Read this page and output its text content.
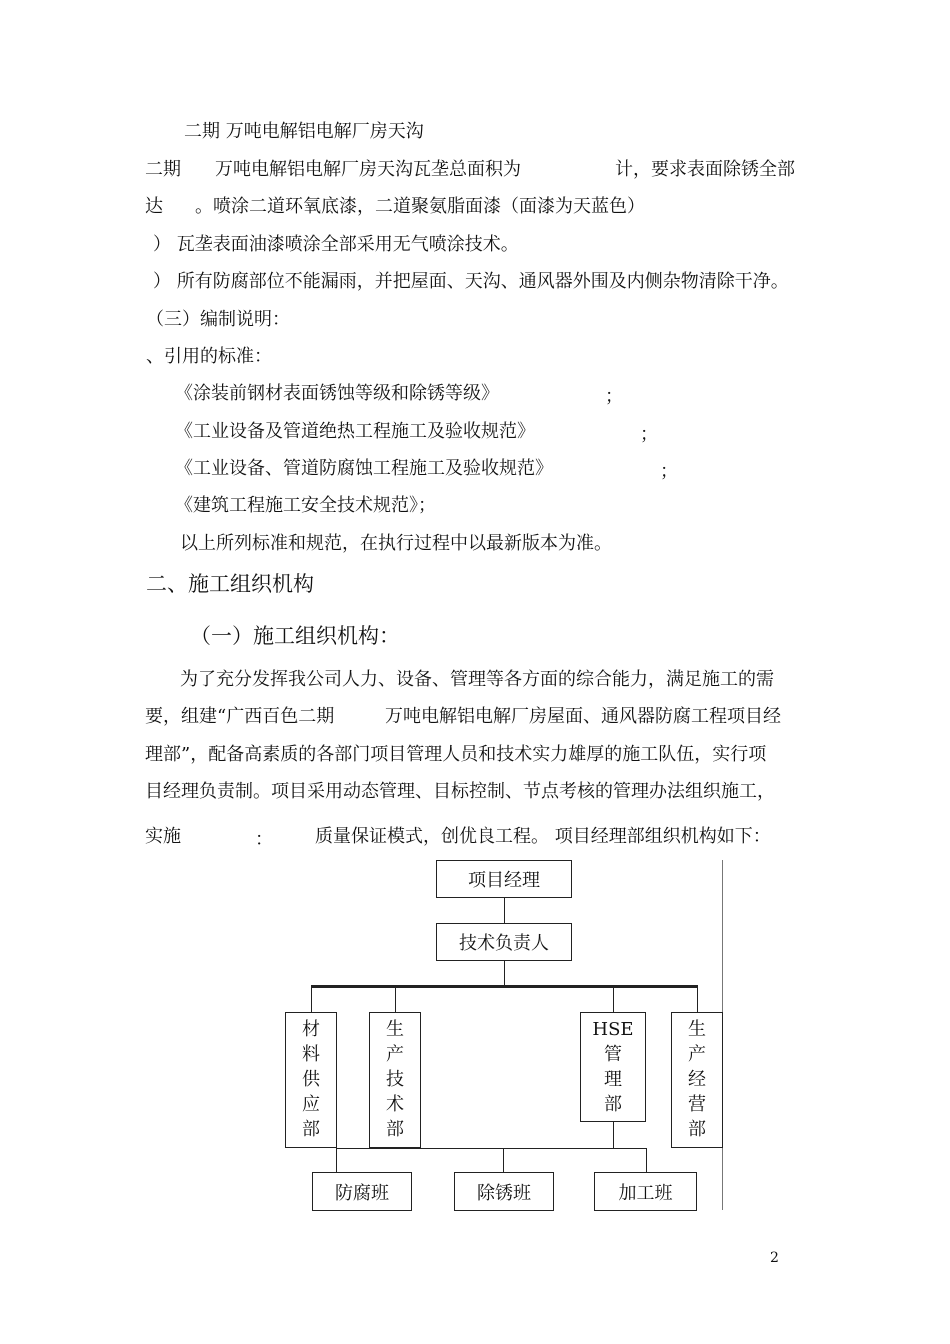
二期 万吨电解铝电解厂房天沟
二期 万吨电解铝电解厂房天沟瓦垄总面积为	计，要求表面除锈全部
达 。喷涂二道环氧底漆，二道聚氨脂面漆（面漆为天蓝色）
） 瓦垄表面油漆喷涂全部采用无气喷涂技术。
） 所有防腐部位不能漏雨，并把屋面、天沟、通风器外围及内侧杂物清除干净。
（三）编制说明：
、引用的标准：
《涂装前钢材表面锈蚀等级和除锈等级》	；
《工业设备及管道绝热工程施工及验收规范》	；
《工业设备、管道防腐蚀工程施工及验收规范》	；
《建筑工程施工安全技术规范》；
以上所列标准和规范，在执行过程中以最新版本为准。
二、施工组织机构
（一）施工组织机构：
为了充分发挥我公司人力、设备、管理等各方面的综合能力，满足施工的需
要，组建“广西百色二期	万吨电解铝电解厂房屋面、通风器防腐工程项目经
理部”，配备高素质的各部门项目管理人员和技术实力雄厚的施工队伍，实行项
目经理负责制。项目采用动态管理、目标控制、节点考核的管理办法组织施工，
实施	： 质量保证模式，创优良工程。 项目经理部组织机构如下：
项目经理
技术负责人
材
料
供
应
部
生
产
技
术
部
HSE
管
理
部
生
产
经
营
部
防腐班	除锈班	加工班
2
